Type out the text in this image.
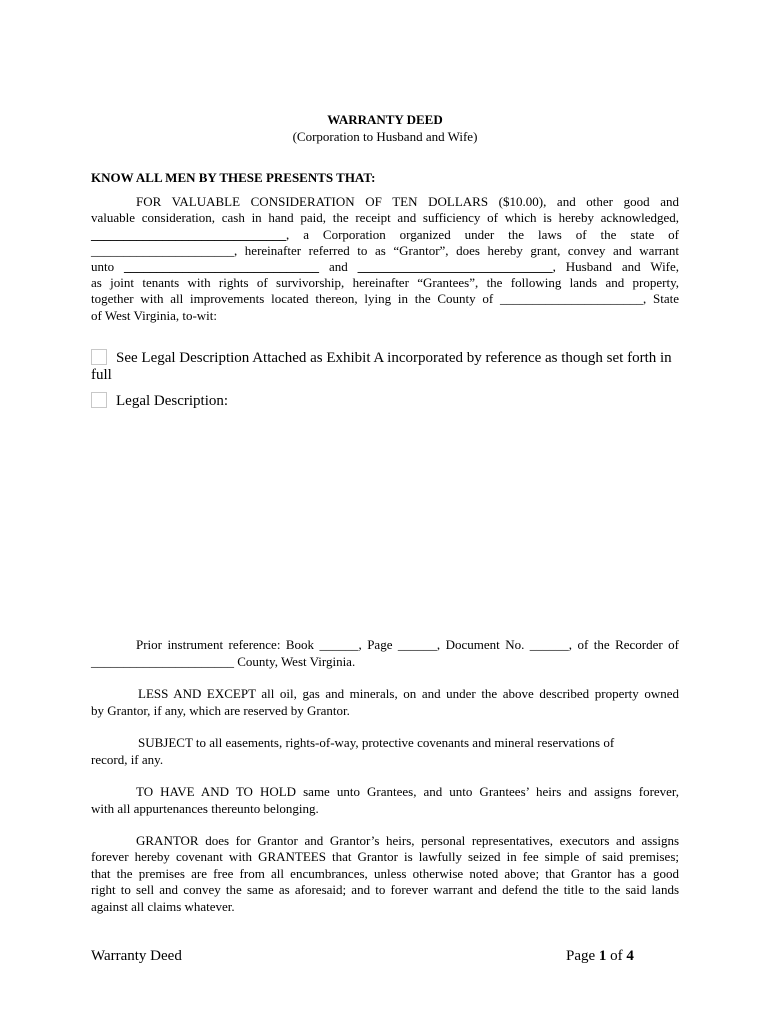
WARRANTY DEED
(Corporation to Husband and Wife)
KNOW ALL MEN BY THESE PRESENTS THAT:
FOR VALUABLE CONSIDERATION OF TEN DOLLARS ($10.00), and other good and
valuable consideration, cash in hand paid, the receipt and sufficiency of which is hereby acknowledged,
______________________________, a Corporation organized under the laws of the state of
______________________, hereinafter referred to as “Grantor”, does hereby grant, convey and warrant
unto ______________________________ and ______________________________, Husband and Wife,
as joint tenants with rights of survivorship, hereinafter “Grantees”, the following lands and property,
together with all improvements located thereon, lying in the County of ______________________, State
of West Virginia, to-wit:
See Legal Description Attached as Exhibit A incorporated by reference as though set forth in
full
Legal Description:
Prior instrument reference: Book ______, Page ______, Document No. ______, of the Recorder of
______________________ County, West Virginia.
LESS AND EXCEPT all oil, gas and minerals, on and under the above described property owned
by Grantor, if any, which are reserved by Grantor.
SUBJECT to all easements, rights-of-way, protective covenants and mineral reservations of
record, if any.
TO HAVE AND TO HOLD same unto Grantees, and unto Grantees’ heirs and assigns forever,
with all appurtenances thereunto belonging.
GRANTOR does for Grantor and Grantor’s heirs, personal representatives, executors and assigns
forever hereby covenant with GRANTEES that Grantor is lawfully seized in fee simple of said premises;
that the premises are free from all encumbrances, unless otherwise noted above; that Grantor has a good
right to sell and convey the same as aforesaid; and to forever warrant and defend the title to the said lands
against all claims whatever.
Warranty Deed	Page 1 of 4
